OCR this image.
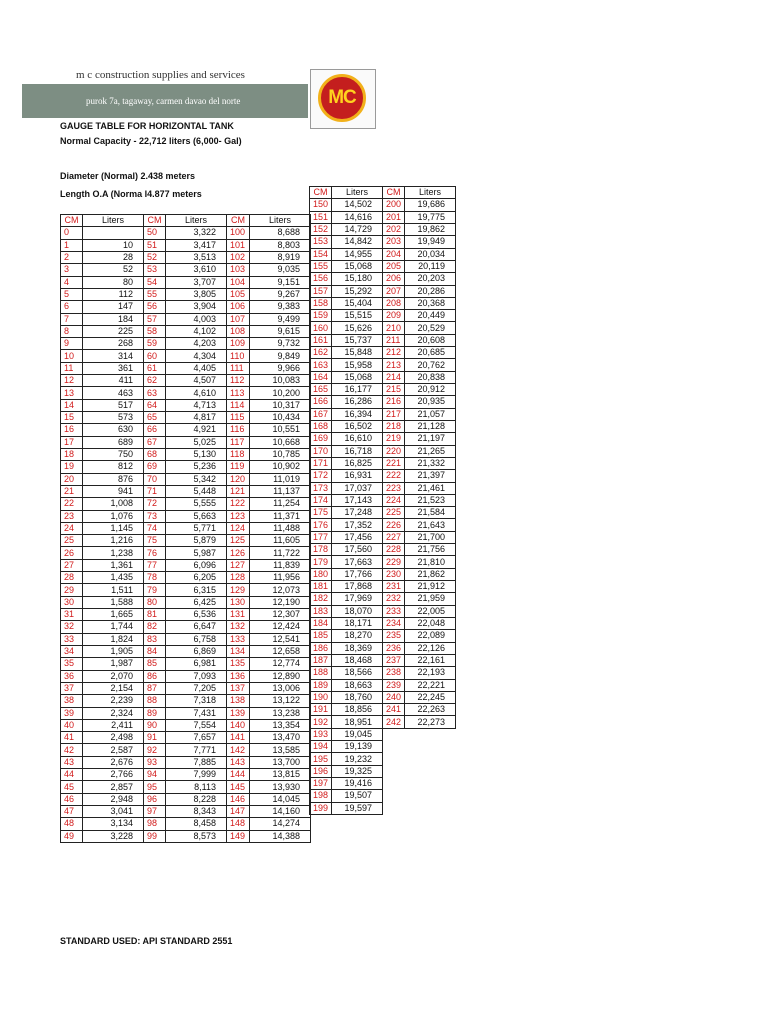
m c construction supplies and services
purok 7a, tagaway, carmen davao del norte	MC
GAUGE TABLE FOR HORIZONTAL TANK
Normal Capacity - 22,712 liters (6,000- Gal)
Diameter (Normal) 2.438 meters
Length O.A (Norma l4.877 meters
CM	Liters	CM	Liters	CM	Liters
0		50	3,322	100	8,688
1	10	51	3,417	101	8,803
2	28	52	3,513	102	8,919
3	52	53	3,610	103	9,035
4	80	54	3,707	104	9,151
5	112	55	3,805	105	9,267
6	147	56	3,904	106	9,383
7	184	57	4,003	107	9,499
8	225	58	4,102	108	9,615
9	268	59	4,203	109	9,732
10	314	60	4,304	110	9,849
11	361	61	4,405	111	9,966
12	411	62	4,507	112	10,083
13	463	63	4,610	113	10,200
14	517	64	4,713	114	10,317
15	573	65	4,817	115	10,434
16	630	66	4,921	116	10,551
17	689	67	5,025	117	10,668
18	750	68	5,130	118	10,785
19	812	69	5,236	119	10,902
20	876	70	5,342	120	11,019
21	941	71	5,448	121	11,137
22	1,008	72	5,555	122	11,254
23	1,076	73	5,663	123	11,371
24	1,145	74	5,771	124	11,488
25	1,216	75	5,879	125	11,605
26	1,238	76	5,987	126	11,722
27	1,361	77	6,096	127	11,839
28	1,435	78	6,205	128	11,956
29	1,511	79	6,315	129	12,073
30	1,588	80	6,425	130	12,190
31	1,665	81	6,536	131	12,307
32	1,744	82	6,647	132	12,424
33	1,824	83	6,758	133	12,541
34	1,905	84	6,869	134	12,658
35	1,987	85	6,981	135	12,774
36	2,070	86	7,093	136	12,890
37	2,154	87	7,205	137	13,006
38	2,239	88	7,318	138	13,122
39	2,324	89	7,431	139	13,238
40	2,411	90	7,554	140	13,354
41	2,498	91	7,657	141	13,470
42	2,587	92	7,771	142	13,585
43	2,676	93	7,885	143	13,700
44	2,766	94	7,999	144	13,815
45	2,857	95	8,113	145	13,930
46	2,948	96	8,228	146	14,045
47	3,041	97	8,343	147	14,160
48	3,134	98	8,458	148	14,274
49	3,228	99	8,573	149	14,388
CM	Liters	CM	Liters
150	14,502	200	19,686
151	14,616	201	19,775
152	14,729	202	19,862
153	14,842	203	19,949
154	14,955	204	20,034
155	15,068	205	20,119
156	15,180	206	20,203
157	15,292	207	20,286
158	15,404	208	20,368
159	15,515	209	20,449
160	15,626	210	20,529
161	15,737	211	20,608
162	15,848	212	20,685
163	15,958	213	20,762
164	15,068	214	20,838
165	16,177	215	20,912
166	16,286	216	20,935
167	16,394	217	21,057
168	16,502	218	21,128
169	16,610	219	21,197
170	16,718	220	21,265
171	16,825	221	21,332
172	16,931	222	21,397
173	17,037	223	21,461
174	17,143	224	21,523
175	17,248	225	21,584
176	17,352	226	21,643
177	17,456	227	21,700
178	17,560	228	21,756
179	17,663	229	21,810
180	17,766	230	21,862
181	17,868	231	21,912
182	17,969	232	21,959
183	18,070	233	22,005
184	18,171	234	22,048
185	18,270	235	22,089
186	18,369	236	22,126
187	18,468	237	22,161
188	18,566	238	22,193
189	18,663	239	22,221
190	18,760	240	22,245
191	18,856	241	22,263
192	18,951	242	22,273
193	19,045		
194	19,139		
195	19,232		
196	19,325		
197	19,416		
198	19,507		
199	19,597		
STANDARD USED: API STANDARD 2551
